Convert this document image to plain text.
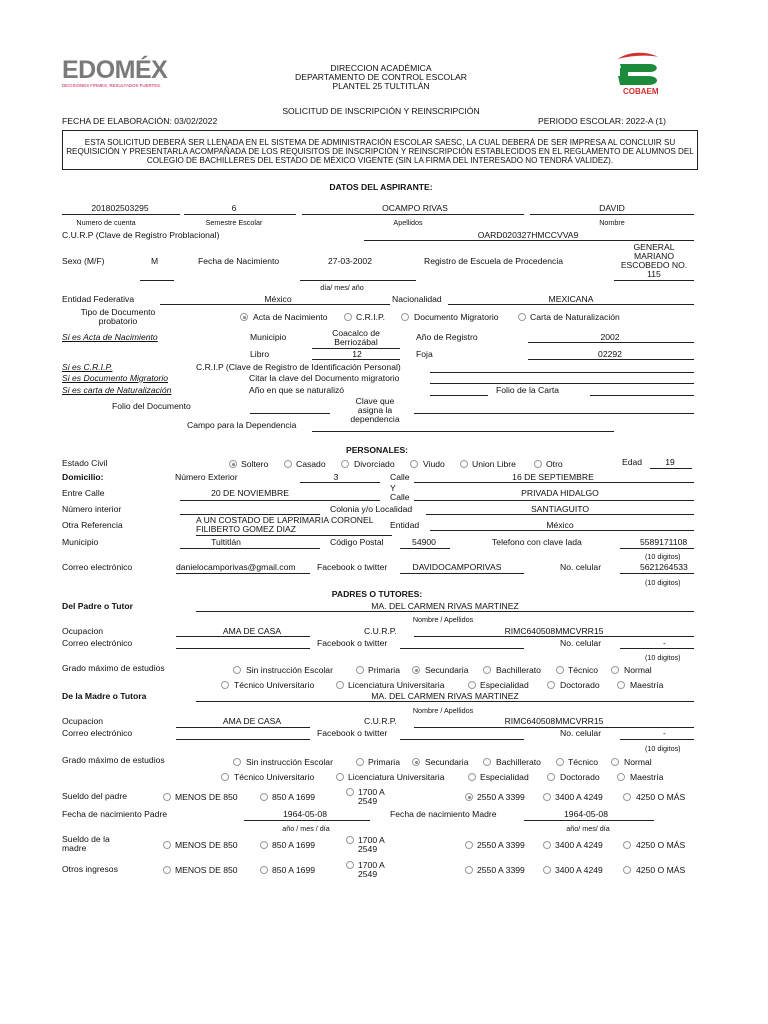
EDOMÉX
DECISIONES FIRMES, RESULTADOS FUERTES.
COBAEM
DIRECCION ACADÉMICA
DEPARTAMENTO DE CONTROL ESCOLAR
PLANTEL 25 TULTITLÁN
SOLICITUD DE INSCRIPCIÓN Y REINSCRIPCIÓN
FECHA DE ELABORACIÓN: 03/02/2022	PERIODO ESCOLAR: 2022-A (1)
ESTA SOLICITUD DEBERÁ SER LLENADA EN EL SISTEMA DE ADMINISTRACIÓN ESCOLAR SAESC, LA CUAL DEBERÁ DE SER IMPRESA AL CONCLUIR SU REQUISICIÓN Y PRESENTARLA ACOMPAÑADA DE LOS REQUISITOS DE INSCRIPCIÓN Y REINSCRIPCIÓN ESTABLECIDOS EN EL REGLAMENTO DE ALUMNOS DEL COLEGIO DE BACHILLERES DEL ESTADO DE MÉXICO VIGENTE (SIN LA FIRMA DEL INTERESADO NO TENDRÁ VALIDEZ).
DATOS DEL ASPIRANTE:
201802503295	6	OCAMPO RIVAS	DAVID
Numero de cuenta	Semestre Escolar	Apellidos	Nombre
C.U.R.P (Clave de Registro Problacional)	OARD020327HMCCVVA9
Sexo (M/F)	M	Fecha de Nacimiento	27-03-2002	Registro de Escuela de Procedencia
GENERAL MARIANO ESCOBEDO NO. 115
día/ mes/ año
Entidad Federativa	México	Nacionalidad	MEXICANA
Tipo de Documento probatorio	Acta de Nacimiento	C.R.I.P.	Documento Migratorio	Carta de Naturalización
Si es Acta de Nacimiento	Municipio	Coacalco de Berriozábal
Año de Registro	2002
Libro	12	Foja	02292
Si es C.R.I.P.	C.R.I.P (Clave de Registro de Identificación Personal)
Si es Documento Migratorio	Citar la clave del Documento migratorio
Si es carta de Naturalización	Año en que se naturalizó	Folio de la Carta
Folio del Documento	Clave que asigna la dependencia
Campo para la Dependencia
PERSONALES:
Estado Civil	Soltero	Casado	Divorciado	Viudo	Union Libre	Otro	Edad	19
Domicilio:	Número Exterior	3	Calle	16 DE SEPTIEMBRE
Entre Calle	20 DE NOVIEMBRE	Y Calle	PRIVADA HIDALGO
Número interior	Colonia y/o Localidad	SANTIAGUITO
Otra Referencia	A UN COSTADO DE LAPRIMARIA CORONEL FILIBERTO GOMEZ DIAZ	Entidad	México
Municipio	Tultitlán	Código Postal	54900	Telefono con clave lada	5589171108
(10 digitos)
Correo electrónico	danielocamporivas@gmail.com Facebook o twitter	DAVIDOCAMPORIVAS	No. celular	5621264533
(10 digitos)
PADRES O TUTORES:
Del Padre o Tutor	MA. DEL CARMEN RIVAS MARTINEZ
Nombre / Apellidos
Ocupacion	AMA DE CASA	C.U.R.P.	RIMC640508MMCVRR15
Correo electrónico	Facebook o twitter	No. celular	-
(10 digitos)
Grado máximo de estudios	Sin instrucción Escolar	Primaria	Secundaria	Bachillerato	Técnico	Normal
Técnico Universitario	Licenciatura Universitaria	Especialidad	Doctorado	Maestría
De la Madre o Tutora	MA. DEL CARMEN RIVAS MARTINEZ
Nombre / Apellidos
Ocupacion	AMA DE CASA	C.U.R.P.	RIMC640508MMCVRR15
Correo electrónico	Facebook o twitter	No. celular	-
(10 digitos)
Grado máximo de estudios	Sin instrucción Escolar	Primaria	Secundaria	Bachillerato	Técnico	Normal
Técnico Universitario	Licenciatura Universitaria	Especialidad	Doctorado	Maestría
Sueldo del padre	MENOS DE 850	850 A 1699	1700 A 2549	2550 A 3399	3400 A 4249	4250 O MÁS
Fecha de nacimiento Padre	1964-05-08	Fecha de nacimiento Madre	1964-05-08
año / mes / día	año/ mes/ día
Sueldo de la madre	MENOS DE 850	850 A 1699	1700 A 2549	2550 A 3399	3400 A 4249	4250 O MÁS
Otros ingresos	MENOS DE 850	850 A 1699	1700 A 2549	2550 A 3399	3400 A 4249	4250 O MÁS
